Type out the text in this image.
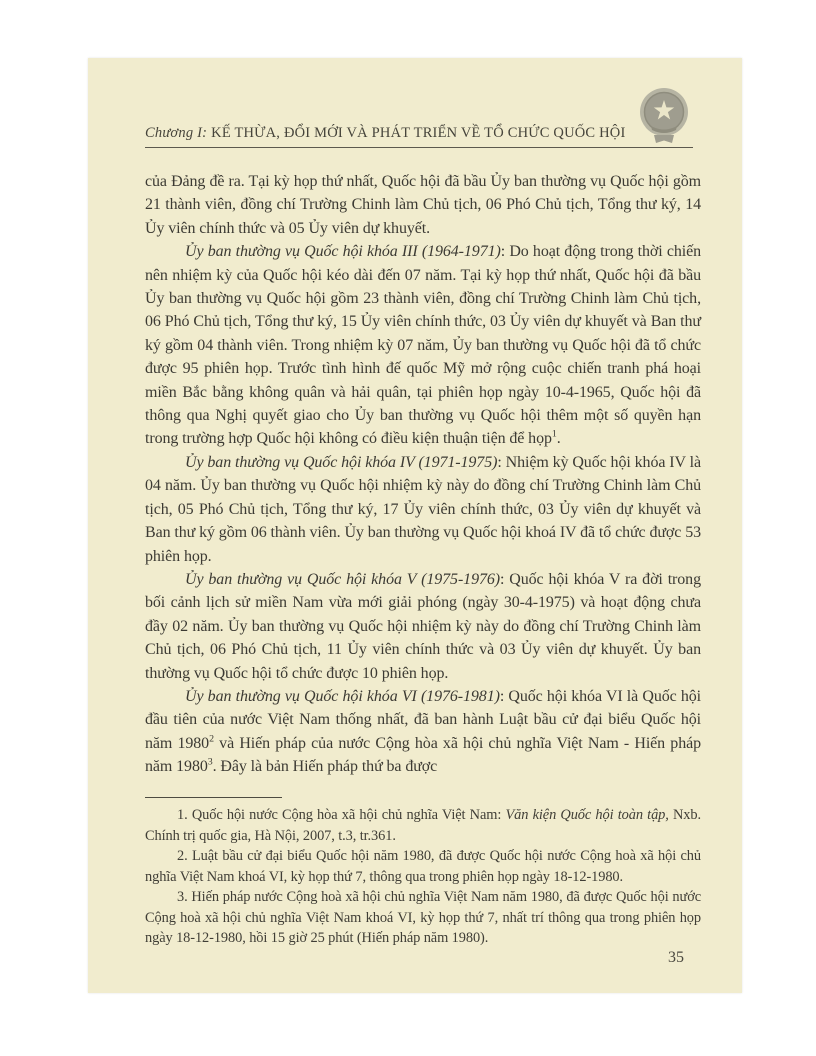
Chương I: KẾ THỪA, ĐỔI MỚI VÀ PHÁT TRIỂN VỀ TỔ CHỨC QUỐC HỘI

của Đảng đề ra. Tại kỳ họp thứ nhất, Quốc hội đã bầu Ủy ban thường vụ Quốc hội gồm 21 thành viên, đồng chí Trường Chinh làm Chủ tịch, 06 Phó Chủ tịch, Tổng thư ký, 14 Ủy viên chính thức và 05 Ủy viên dự khuyết.

Ủy ban thường vụ Quốc hội khóa III (1964-1971): Do hoạt động trong thời chiến nên nhiệm kỳ của Quốc hội kéo dài đến 07 năm. Tại kỳ họp thứ nhất, Quốc hội đã bầu Ủy ban thường vụ Quốc hội gồm 23 thành viên, đồng chí Trường Chinh làm Chủ tịch, 06 Phó Chủ tịch, Tổng thư ký, 15 Ủy viên chính thức, 03 Ủy viên dự khuyết và Ban thư ký gồm 04 thành viên. Trong nhiệm kỳ 07 năm, Ủy ban thường vụ Quốc hội đã tổ chức được 95 phiên họp. Trước tình hình đế quốc Mỹ mở rộng cuộc chiến tranh phá hoại miền Bắc bằng không quân và hải quân, tại phiên họp ngày 10-4-1965, Quốc hội đã thông qua Nghị quyết giao cho Ủy ban thường vụ Quốc hội thêm một số quyền hạn trong trường hợp Quốc hội không có điều kiện thuận tiện để họp$^1$.

Ủy ban thường vụ Quốc hội khóa IV (1971-1975): Nhiệm kỳ Quốc hội khóa IV là 04 năm. Ủy ban thường vụ Quốc hội nhiệm kỳ này do đồng chí Trường Chinh làm Chủ tịch, 05 Phó Chủ tịch, Tổng thư ký, 17 Ủy viên chính thức, 03 Ủy viên dự khuyết và Ban thư ký gồm 06 thành viên. Ủy ban thường vụ Quốc hội khoá IV đã tổ chức được 53 phiên họp.

Ủy ban thường vụ Quốc hội khóa V (1975-1976): Quốc hội khóa V ra đời trong bối cảnh lịch sử miền Nam vừa mới giải phóng (ngày 30-4-1975) và hoạt động chưa đầy 02 năm. Ủy ban thường vụ Quốc hội nhiệm kỳ này do đồng chí Trường Chinh làm Chủ tịch, 06 Phó Chủ tịch, 11 Ủy viên chính thức và 03 Ủy viên dự khuyết. Ủy ban thường vụ Quốc hội tổ chức được 10 phiên họp.

Ủy ban thường vụ Quốc hội khóa VI (1976-1981): Quốc hội khóa VI là Quốc hội đầu tiên của nước Việt Nam thống nhất, đã ban hành Luật bầu cử đại biểu Quốc hội năm 1980$^2$ và Hiến pháp của nước Cộng hòa xã hội chủ nghĩa Việt Nam - Hiến pháp năm 1980$^3$. Đây là bản Hiến pháp thứ ba được

1. Quốc hội nước Cộng hòa xã hội chủ nghĩa Việt Nam: Văn kiện Quốc hội toàn tập, Nxb. Chính trị quốc gia, Hà Nội, 2007, t.3, tr.361.

2. Luật bầu cử đại biểu Quốc hội năm 1980, đã được Quốc hội nước Cộng hoà xã hội chủ nghĩa Việt Nam khoá VI, kỳ họp thứ 7, thông qua trong phiên họp ngày 18-12-1980.

3. Hiến pháp nước Cộng hoà xã hội chủ nghĩa Việt Nam năm 1980, đã được Quốc hội nước Cộng hoà xã hội chủ nghĩa Việt Nam khoá VI, kỳ họp thứ 7, nhất trí thông qua trong phiên họp ngày 18-12-1980, hồi 15 giờ 25 phút (Hiến pháp năm 1980).

35
